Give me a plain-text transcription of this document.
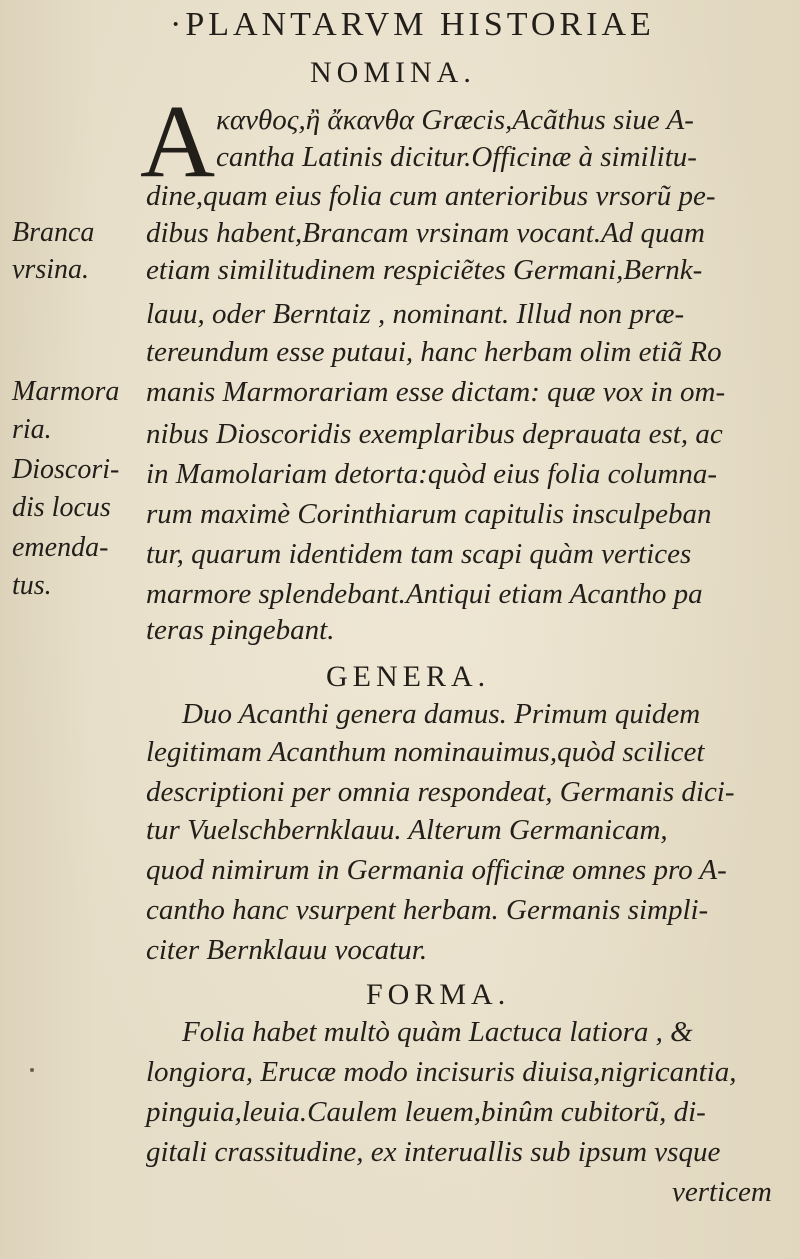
·PLANTARVM HISTORIAE
NOMINA.
A κανθος,ἢ ἄκανθα Græcis,Acãthus siue A-
cantha Latinis dicitur.Officinæ à similitu-
dine,quam eius folia cum anterioribus vrsorũ pe-
dibus habent,Brancam vrsinam vocant.Ad quam
etiam similitudinem respiciẽtes Germani,Bernk-
lauu, oder Berntaiz , nominant. Illud non præ-
tereundum esse putaui, hanc herbam olim etiã Ro
manis Marmorariam esse dictam: quæ vox in om-
nibus Dioscoridis exemplaribus deprauata est, ac
in Mamolariam detorta:quòd eius folia columna-
rum maximè Corinthiarum capitulis insculpeban
tur, quarum identidem tam scapi quàm vertices
marmore splendebant.Antiqui etiam Acantho pa
teras pingebant.
GENERA.
Duo Acanthi genera damus. Primum quidem
legitimam Acanthum nominauimus,quòd scilicet
descriptioni per omnia respondeat, Germanis dici-
tur Vuelschbernklauu. Alterum Germanicam,
quod nimirum in Germania officinæ omnes pro A-
cantho hanc vsurpent herbam. Germanis simpli-
citer Bernklauu vocatur.
FORMA.
Folia habet multò quàm Lactuca latiora , &
longiora, Erucæ modo incisuris diuisa,nigricantia,
pinguia,leuia.Caulem leuem,binûm cubitorũ, di-
gitali crassitudine, ex interuallis sub ipsum vsque
verticem
Branca
vrsina.
Marmora
ria.
Dioscori-
dis locus
emenda-
tus.
